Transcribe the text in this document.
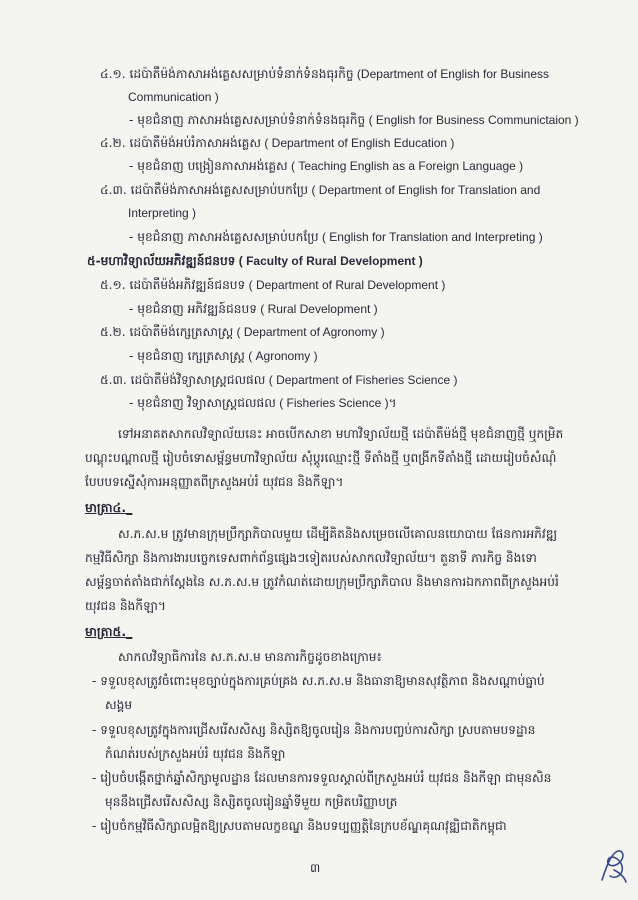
៤.១. ដេប៉ាតឺម៉ង់ភាសាអង់គ្លេសសម្រាប់ទំនាក់ទំនងធុរកិច្ច (Department of English for Business
Communication )
- មុខជំនាញ ភាសាអង់គ្លេសសម្រាប់ទំនាក់ទំនងធុរកិច្ច ( English for Business Communictaion )
៤.២. ដេប៉ាតឺម៉ង់អប់រំភាសាអង់គ្លេស ( Department of English Education )
- មុខជំនាញ បង្រៀនភាសាអង់គ្លេស ( Teaching English as a Foreign Language )
៤.៣. ដេប៉ាតឺម៉ង់ភាសាអង់គ្លេសសម្រាប់បកប្រែ ( Department of English for Translation and
Interpreting )
- មុខជំនាញ ភាសាអង់គ្លេសសម្រាប់បកប្រែ ( English for Translation and Interpreting )
៥-មហាវិទ្យាល័យអភិវឌ្ឍន៍ជនបទ ( Faculty of Rural Development )
៥.១. ដេប៉ាតឺម៉ង់អភិវឌ្ឍន៍ជនបទ ( Department of Rural Development )
- មុខជំនាញ អភិវឌ្ឍន៍ជនបទ ( Rural Development )
៥.២. ដេប៉ាតឺម៉ង់ក្សេត្រសាស្ត្រ ( Department of Agronomy )
- មុខជំនាញ ក្សេត្រសាស្ត្រ ( Agronomy )
៥.៣. ដេប៉ាតឺម៉ង់វិទ្យាសាស្ត្រជលផល ( Department of Fisheries Science )
- មុខជំនាញ វិទ្យាសាស្ត្រជលផល ( Fisheries Science )។
ទៅអនាគតសាកលវិទ្យាល័យនេះ អាចបើកសាខា មហាវិទ្យាល័យថ្មី ដេប៉ាតឺម៉ង់ថ្មី មុខជំនាញថ្មី ឬកម្រិត
បណ្តុះបណ្តាលថ្មី រៀបចំទោសម្ព័ន្ធមហាវិទ្យាល័យ សុំប្តូរឈ្មោះថ្មី ទីតាំងថ្មី ឬពង្រីកទីតាំងថ្មី ដោយរៀបចំសំណុំ
បែបបទស្នើសុំការអនុញ្ញាតពីក្រសួងអប់រំ យុវជន និងកីឡា។
មាត្រា៤._
ស.ភ.ស.ម ត្រូវមានក្រុមប្រឹក្សាភិបាលមួយ ដើម្បីគិតនិងសម្រេចលើគោលនយោបាយ ផែនការអភិវឌ្ឍ
កម្មវិធីសិក្សា និងការងារបច្ចេកទេសពាក់ព័ន្ធផ្សេងៗទៀតរបស់សាកលវិទ្យាល័យ។ តួនាទី ភារកិច្ច និងទោ
សម្ព័ន្ធចាត់តាំងជាក់ស្តែងនៃ ស.ភ.ស.ម ត្រូវកំណត់ដោយក្រុមប្រឹក្សាភិបាល និងមានការឯកភាពពីក្រសួងអប់រំ
យុវជន និងកីឡា។
មាត្រា៥._
សាកលវិទ្យាធិការនៃ ស.ភ.ស.ម មានភារកិច្ចដូចខាងក្រោម៖
- ទទួលខុសត្រូវចំពោះមុខច្បាប់ក្នុងការគ្រប់គ្រង ស.ភ.ស.ម និងធានាឱ្យមានសុវត្ថិភាព និងសណ្តាប់ធ្នាប់
សង្គម
- ទទួលខុសត្រូវក្នុងការជ្រើសរើសសិស្ស និស្សិតឱ្យចូលរៀន និងការបញ្ចប់ការសិក្សា ស្របតាមបទដ្ឋាន
កំណត់របស់ក្រសួងអប់រំ យុវជន និងកីឡា
- រៀបចំបង្កើតថ្នាក់ឆ្នាំសិក្សាមូលដ្ឋាន ដែលមានការទទួលស្គាល់ពីក្រសួងអប់រំ យុវជន និងកីឡា ជាមុនសិន
មុននឹងជ្រើសរើសសិស្ស និស្សិតចូលរៀនឆ្នាំទីមួយ កម្រិតបរិញ្ញាបត្រ
- រៀបចំកម្មវិធីសិក្សាលម្អិតឱ្យស្របតាមលក្ខខណ្ឌ និងបទប្បញ្ញត្តិនៃក្របខ័ណ្ឌគុណវុឌ្ឍិជាតិកម្ពុជា
៣
